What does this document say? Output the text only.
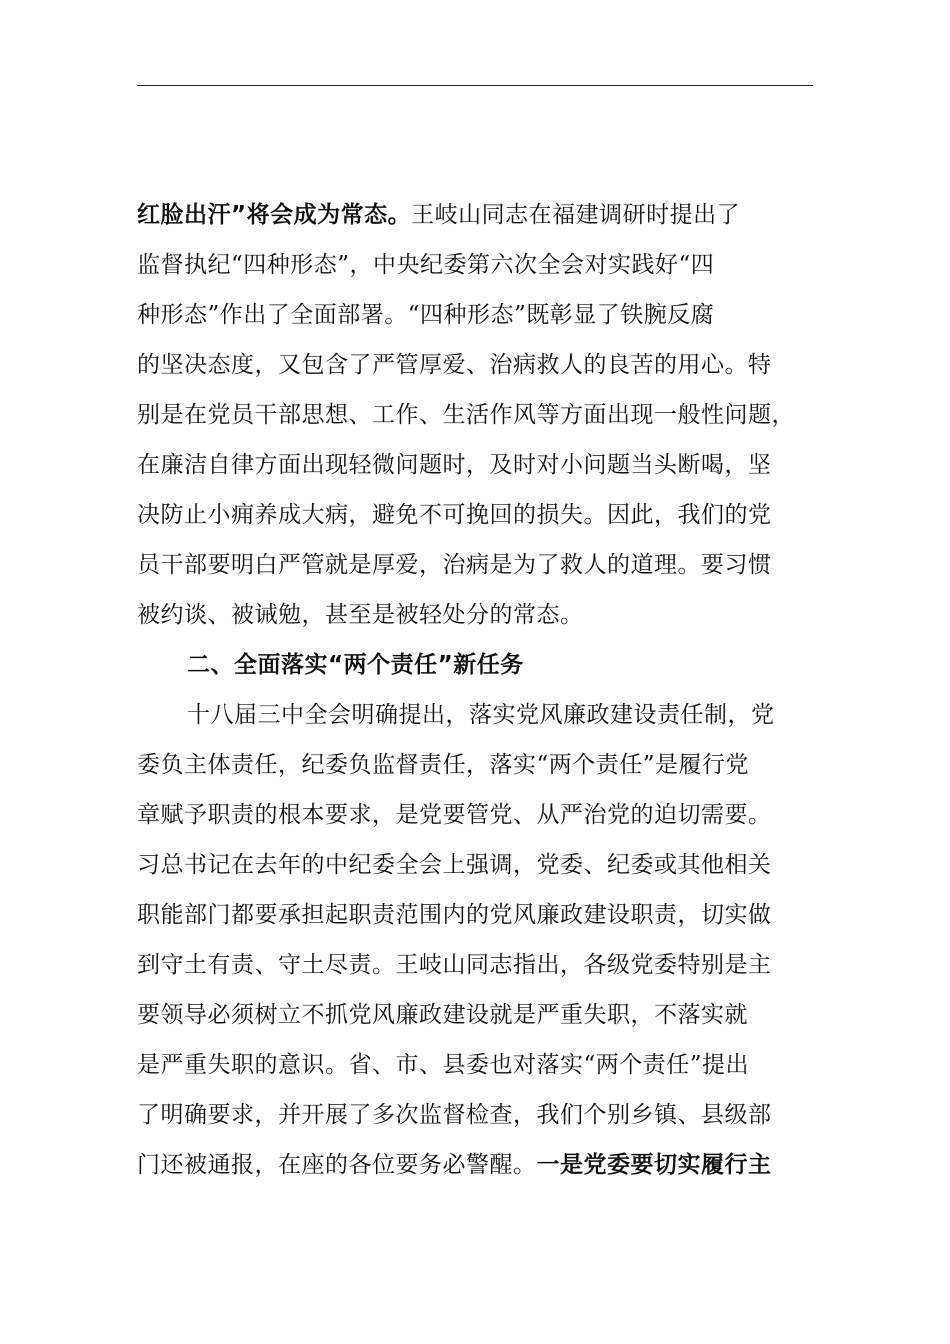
红脸出汗”将会成为常态。王岐山同志在福建调研时提出了
监督执纪“四种形态”，中央纪委第六次全会对实践好“四
种形态”作出了全面部署。“四种形态”既彰显了铁腕反腐
的坚决态度，又包含了严管厚爱、治病救人的良苦的用心。特
别是在党员干部思想、工作、生活作风等方面出现一般性问题，
在廉洁自律方面出现轻微问题时，及时对小问题当头断喝，坚
决防止小痈养成大病，避免不可挽回的损失。因此，我们的党
员干部要明白严管就是厚爱，治病是为了救人的道理。要习惯
被约谈、被诫勉，甚至是被轻处分的常态。
二、全面落实“两个责任”新任务
十八届三中全会明确提出，落实党风廉政建设责任制，党
委负主体责任，纪委负监督责任，落实“两个责任”是履行党
章赋予职责的根本要求，是党要管党、从严治党的迫切需要。
习总书记在去年的中纪委全会上强调，党委、纪委或其他相关
职能部门都要承担起职责范围内的党风廉政建设职责，切实做
到守土有责、守土尽责。王岐山同志指出，各级党委特别是主
要领导必须树立不抓党风廉政建设就是严重失职，不落实就
是严重失职的意识。省、市、县委也对落实“两个责任”提出
了明确要求，并开展了多次监督检查，我们个别乡镇、县级部
门还被通报，在座的各位要务必警醒。一是党委要切实履行主
